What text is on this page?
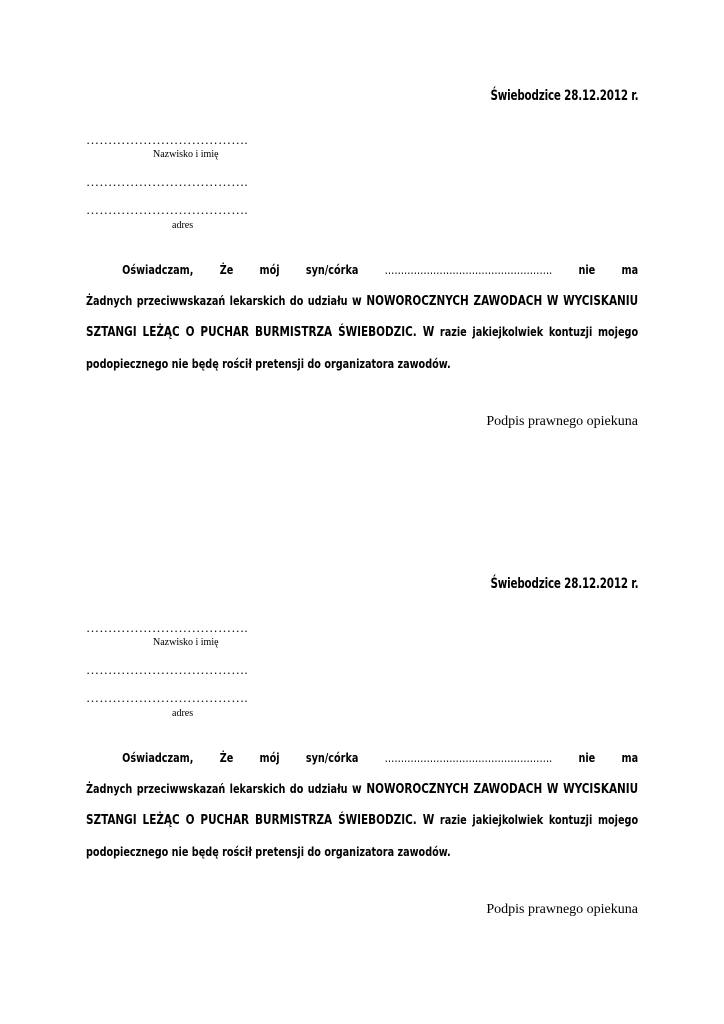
Świebodzice 28.12.2012 r.
……………………………….
Nazwisko i imię
……………………………….
……………………………….
adres
Oświadczam, Że mój syn/córka ……………………………………………. nie ma
Żadnych przeciwwskazań lekarskich do udziału w NOWOROCZNYCH ZAWODACH W WYCISKANIU
SZTANGI LEŻĄC O PUCHAR BURMISTRZA ŚWIEBODZIC. W razie jakiejkolwiek kontuzji mojego
podopiecznego nie będę rościł pretensji do organizatora zawodów.
Podpis prawnego opiekuna
Świebodzice 28.12.2012 r.
……………………………….
Nazwisko i imię
……………………………….
……………………………….
adres
Oświadczam, Że mój syn/córka ……………………………………………. nie ma
Żadnych przeciwwskazań lekarskich do udziału w NOWOROCZNYCH ZAWODACH W WYCISKANIU
SZTANGI LEŻĄC O PUCHAR BURMISTRZA ŚWIEBODZIC. W razie jakiejkolwiek kontuzji mojego
podopiecznego nie będę rościł pretensji do organizatora zawodów.
Podpis prawnego opiekuna
